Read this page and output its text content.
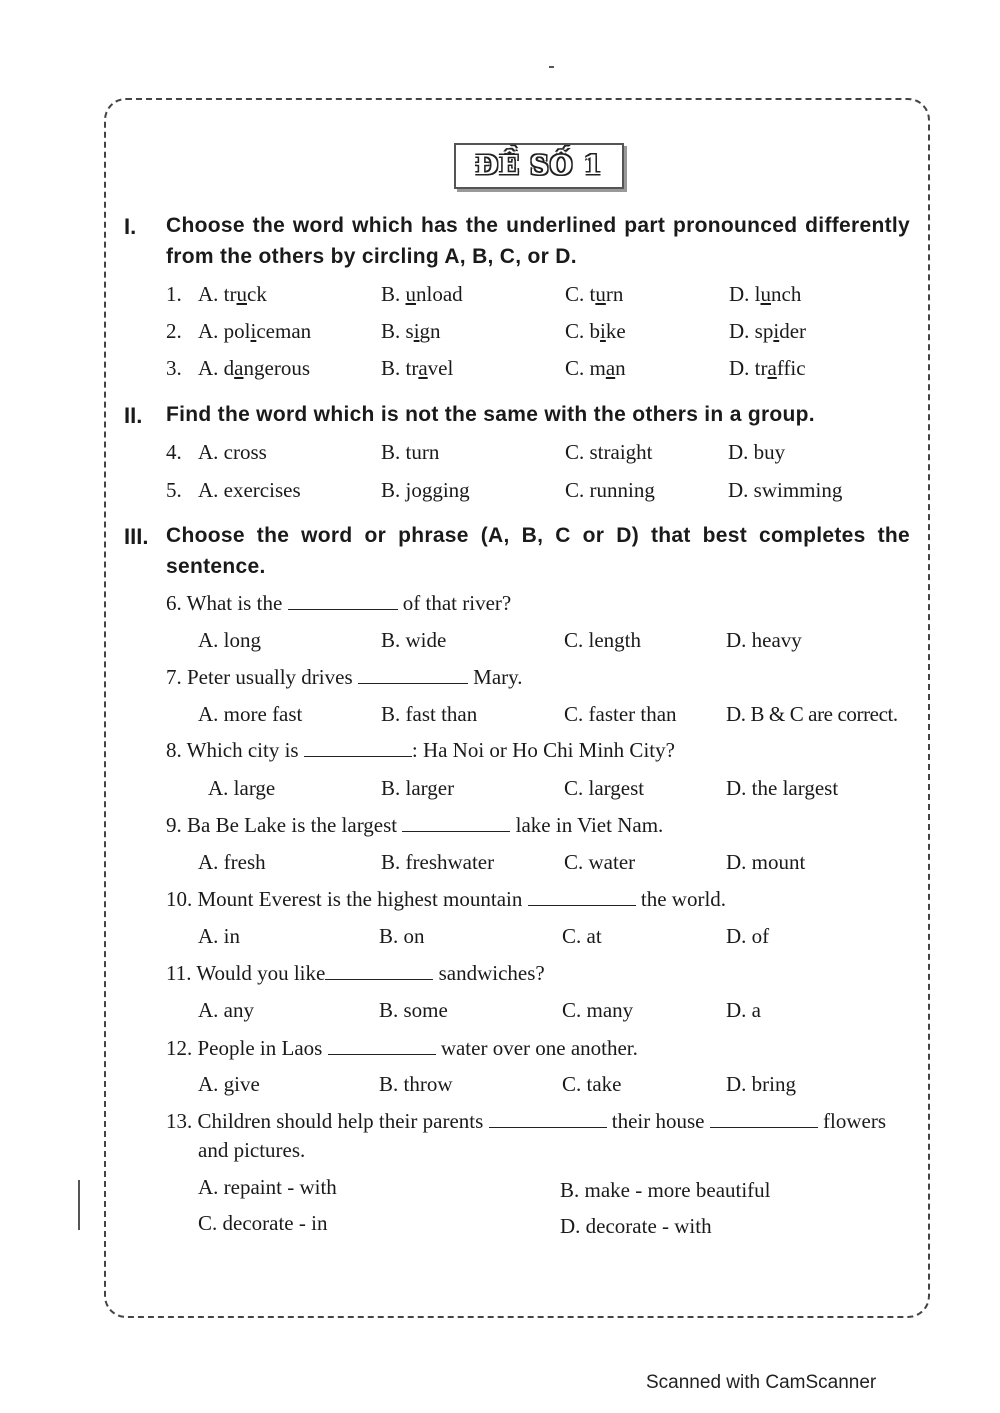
ĐỀ SỐ 1
I. Choose the word which has the underlined part pronounced differently from the others by circling A, B, C, or D.
1. A. truck	B. unload	C. turn	D. lunch
2. A. policeman	B. sign	C. bike	D. spider
3. A. dangerous	B. travel	C. man	D. traffic
II. Find the word which is not the same with the others in a group.
4. A. cross	B. turn	C. straight	D. buy
5. A. exercises	B. jogging	C. running	D. swimming
III. Choose the word or phrase (A, B, C or D) that best completes the sentence.
6. What is the	of that river?
A. long	B. wide	C. length	D. heavy
7. Peter usually drives	Mary.
A. more fast	B. fast than	C. faster than D. B & C are correct.
8. Which city is	: Ha Noi or Ho Chi Minh City?
A. large	B. larger	C. largest	D. the largest
9. Ba Be Lake is the largest	lake in Viet Nam.
A. fresh	B. freshwater	C. water	D. mount
10. Mount Everest is the highest mountain	the world.
A. in	B. on	C. at	D. of
11. Would you like	sandwiches?
A. any	B. some	C. many	D. a
12. People in Laos	water over one another.
A. give	B. throw	C. take	D. bring
13. Children should help their parents	their house	flowers
and pictures.
A. repaint - with	B. make - more beautiful
C. decorate - in	D. decorate - with
Scanned with CamScanner
